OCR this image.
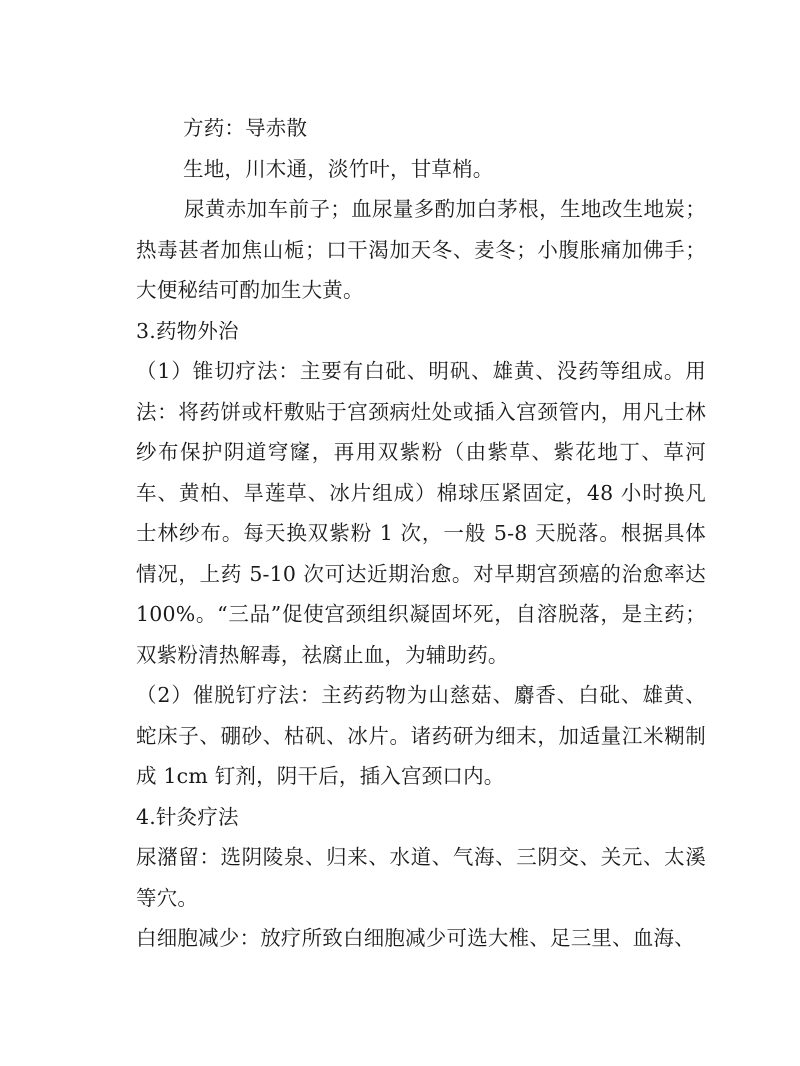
方药：导赤散

生地，川木通，淡竹叶，甘草梢。

尿黄赤加车前子；血尿量多酌加白茅根，生地改生地炭；热毒甚者加焦山栀；口干渴加天冬、麦冬；小腹胀痛加佛手；大便秘结可酌加生大黄。

3.药物外治

（1）锥切疗法：主要有白砒、明矾、雄黄、没药等组成。用法：将药饼或杆敷贴于宫颈病灶处或插入宫颈管内，用凡士林纱布保护阴道穹窿，再用双紫粉（由紫草、紫花地丁、草河车、黄柏、旱莲草、冰片组成）棉球压紧固定，48 小时换凡士林纱布。每天换双紫粉 1 次，一般 5-8 天脱落。根据具体情况，上药 5-10 次可达近期治愈。对早期宫颈癌的治愈率达 100%。“三品”促使宫颈组织凝固坏死，自溶脱落，是主药；双紫粉清热解毒，祛腐止血，为辅助药。

（2）催脱钉疗法：主药药物为山慈菇、麝香、白砒、雄黄、蛇床子、硼砂、枯矾、冰片。诸药研为细末，加适量江米糊制成 1cm 钉剂，阴干后，插入宫颈口内。

4.针灸疗法

尿潴留：选阴陵泉、归来、水道、气海、三阴交、关元、太溪等穴。

白细胞减少：放疗所致白细胞减少可选大椎、足三里、血海、
